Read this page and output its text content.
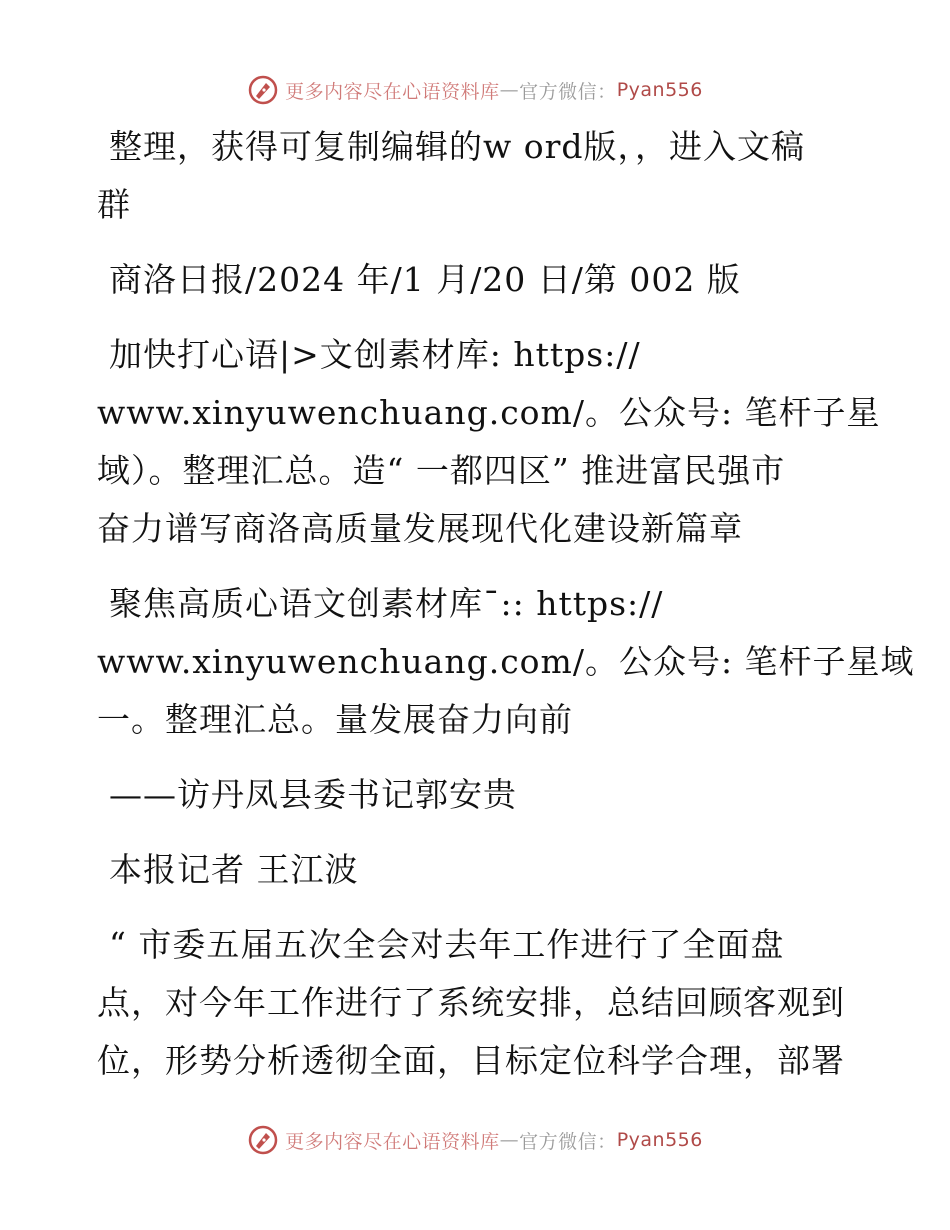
更多内容尽在心语资料库 — 官方微信： Pyan556
整理，获得可复制编辑的w ord版，，进入文稿
群
商洛日报/2024 年/1 月/20 日/第 002 版
加快打心语|>文创素材库: https://
www.xinyuwenchuang.com/。公众号: 笔杆子星
域）。整理汇总。造“ 一都四区” 推进富民强市
奋力谱写商洛高质量发展现代化建设新篇章
聚焦高质心语文创素材库¯:: https://
www.xinyuwenchuang.com/。公众号: 笔杆子星域
一。整理汇总。量发展奋力向前
——访丹凤县委书记郭安贵
本报记者 王江波
“ 市委五届五次全会对去年工作进行了全面盘
点，对今年工作进行了系统安排，总结回顾客观到
位，形势分析透彻全面，目标定位科学合理，部署
更多内容尽在心语资料库 — 官方微信： Pyan556
